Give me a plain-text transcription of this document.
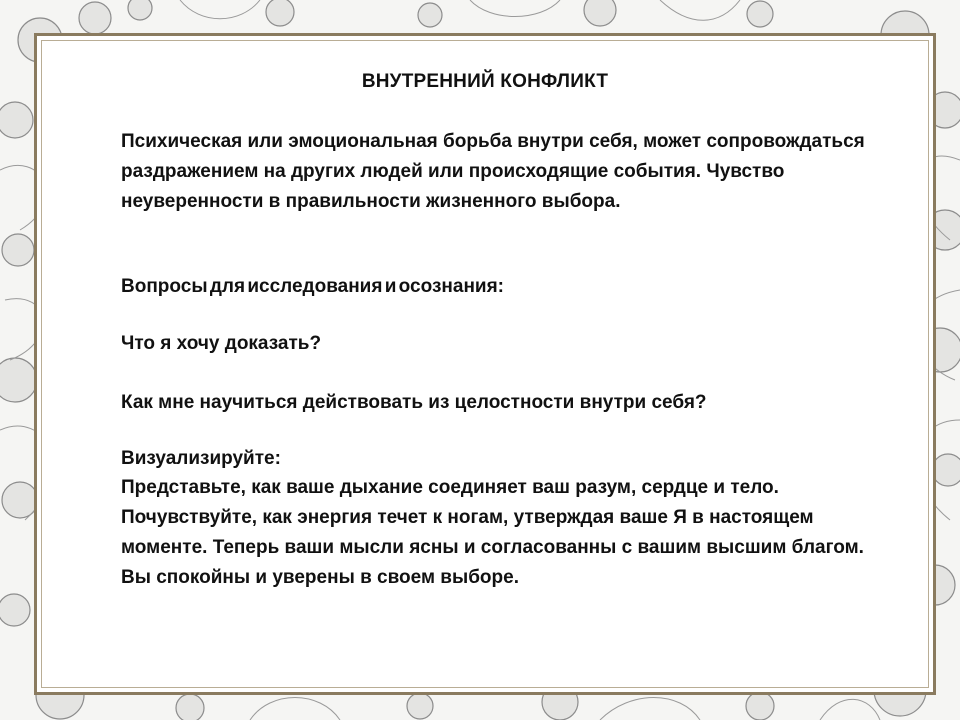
ВНУТРЕННИЙ КОНФЛИКТ
Психическая или эмоциональная борьба внутри себя, может сопровождаться раздражением на других людей или происходящие события. Чувство неуверенности в правильности жизненного выбора.
Вопросы для исследования и осознания:
Что я хочу доказать?
Как мне научиться действовать из целостности внутри себя?
Визуализируйте:
Представьте, как ваше дыхание соединяет ваш разум, сердце и тело. Почувствуйте, как энергия течет к ногам, утверждая ваше Я в настоящем моменте. Теперь ваши мысли ясны и согласованны с вашим высшим благом. Вы спокойны и уверены в своем выборе.
